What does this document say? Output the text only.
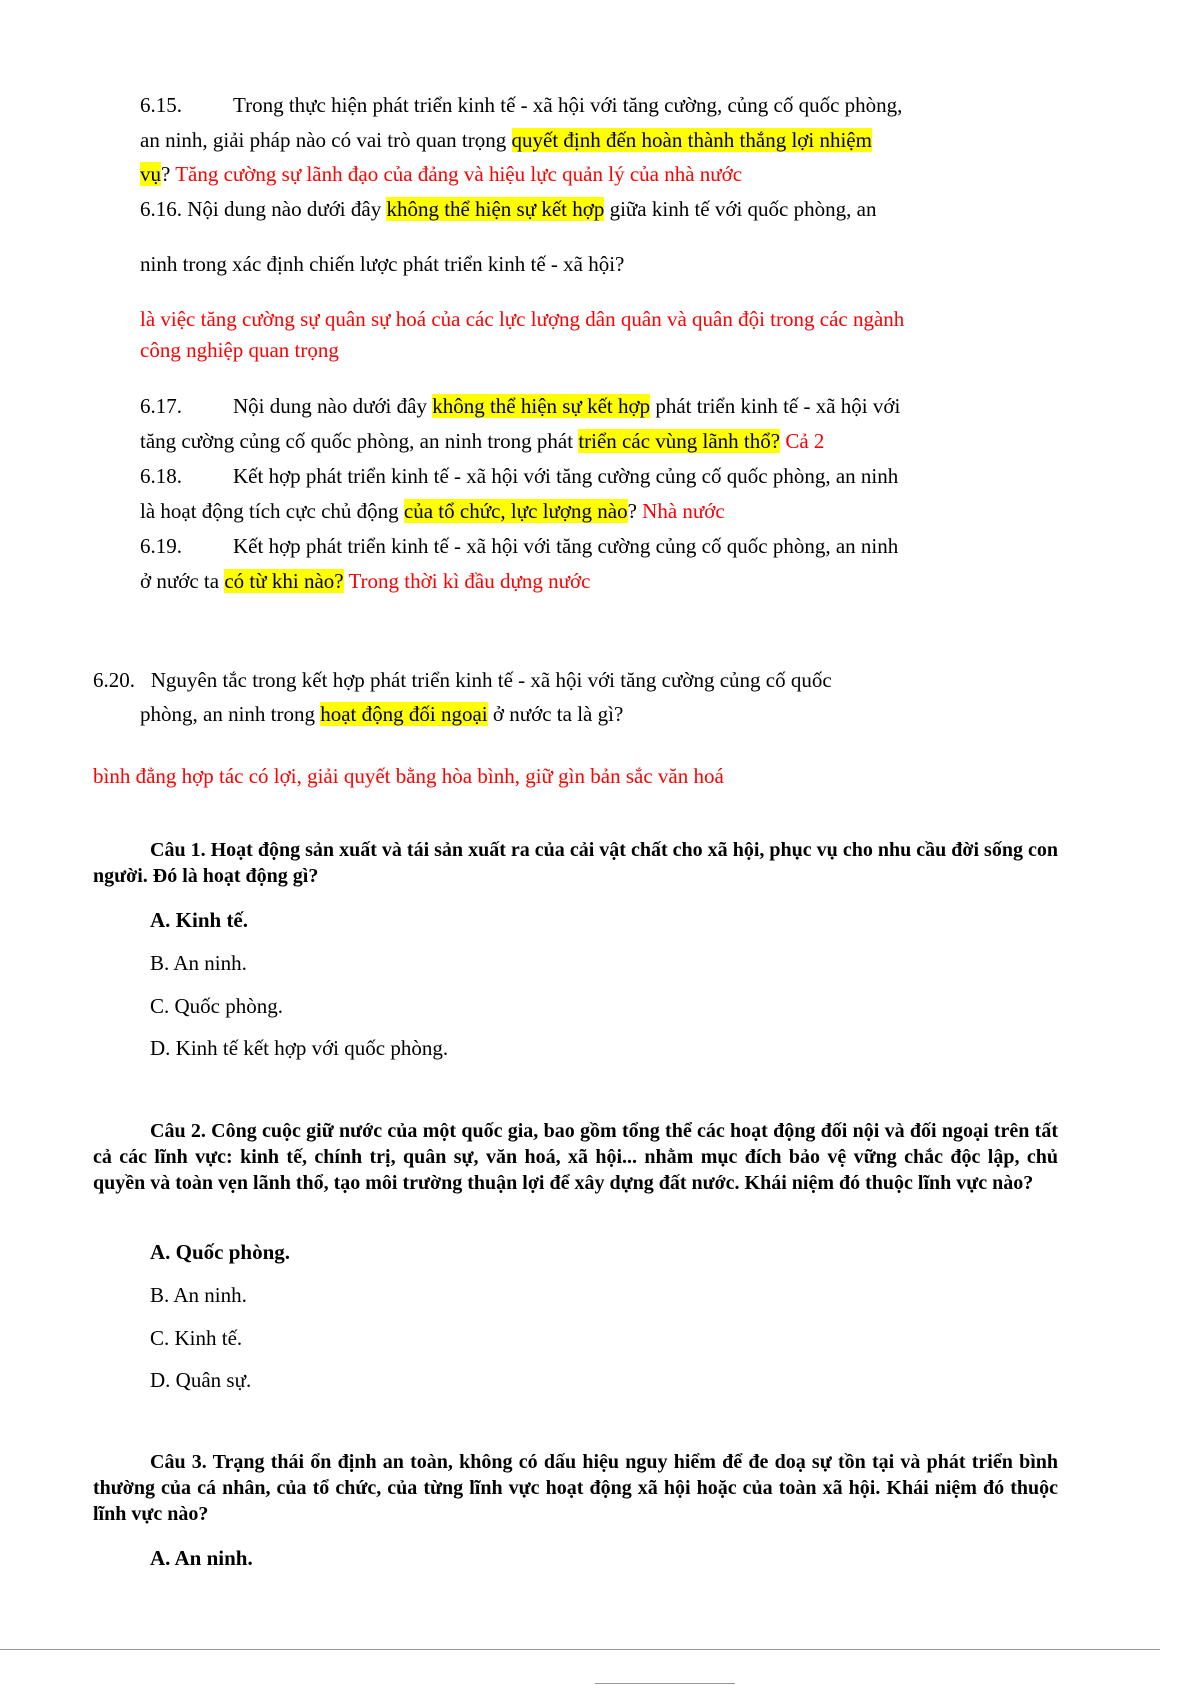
6.15. Trong thực hiện phát triển kinh tế - xã hội với tăng cường, củng cố quốc phòng,
an ninh, giải pháp nào có vai trò quan trọng quyết định đến hoàn thành thắng lợi nhiệm
vụ? Tăng cường sự lãnh đạo của đảng và hiệu lực quản lý của nhà nước
6.16. Nội dung nào dưới đây không thể hiện sự kết hợp giữa kinh tế với quốc phòng, an
ninh trong xác định chiến lược phát triển kinh tế - xã hội?
là việc tăng cường sự quân sự hoá của các lực lượng dân quân và quân đội trong các ngành
công nghiệp quan trọng
6.17. Nội dung nào dưới đây không thể hiện sự kết hợp phát triển kinh tế - xã hội với
tăng cường củng cố quốc phòng, an ninh trong phát triển các vùng lãnh thổ? Cả 2
6.18. Kết hợp phát triển kinh tế - xã hội với tăng cường củng cố quốc phòng, an ninh
là hoạt động tích cực chủ động của tổ chức, lực lượng nào? Nhà nước
6.19. Kết hợp phát triển kinh tế - xã hội với tăng cường củng cố quốc phòng, an ninh
ở nước ta có từ khi nào? Trong thời kì đầu dựng nước
6.20.   Nguyên tắc trong kết hợp phát triển kinh tế - xã hội với tăng cường củng cố quốc
phòng, an ninh trong hoạt động đối ngoại ở nước ta là gì?
bình đẳng hợp tác có lợi, giải quyết bằng hòa bình, giữ gìn bản sắc văn hoá
Câu 1. Hoạt động sản xuất và tái sản xuất ra của cải vật chất cho xã hội, phục vụ cho nhu cầu đời sống con người. Đó là hoạt động gì?
A. Kinh tế.
B. An ninh.
C. Quốc phòng.
D. Kinh tế kết hợp với quốc phòng.
Câu 2. Công cuộc giữ nước của một quốc gia, bao gồm tổng thể các hoạt động đối nội và đối ngoại trên tất cả các lĩnh vực: kinh tế, chính trị, quân sự, văn hoá, xã hội... nhằm mục đích bảo vệ vững chắc độc lập, chủ quyền và toàn vẹn lãnh thổ, tạo môi trường thuận lợi để xây dựng đất nước. Khái niệm đó thuộc lĩnh vực nào?
A. Quốc phòng.
B. An ninh.
C. Kinh tế.
D. Quân sự.
Câu 3. Trạng thái ổn định an toàn, không có dấu hiệu nguy hiểm để đe doạ sự tồn tại và phát triển bình thường của cá nhân, của tổ chức, của từng lĩnh vực hoạt động xã hội hoặc của toàn xã hội. Khái niệm đó thuộc lĩnh vực nào?
A. An ninh.
